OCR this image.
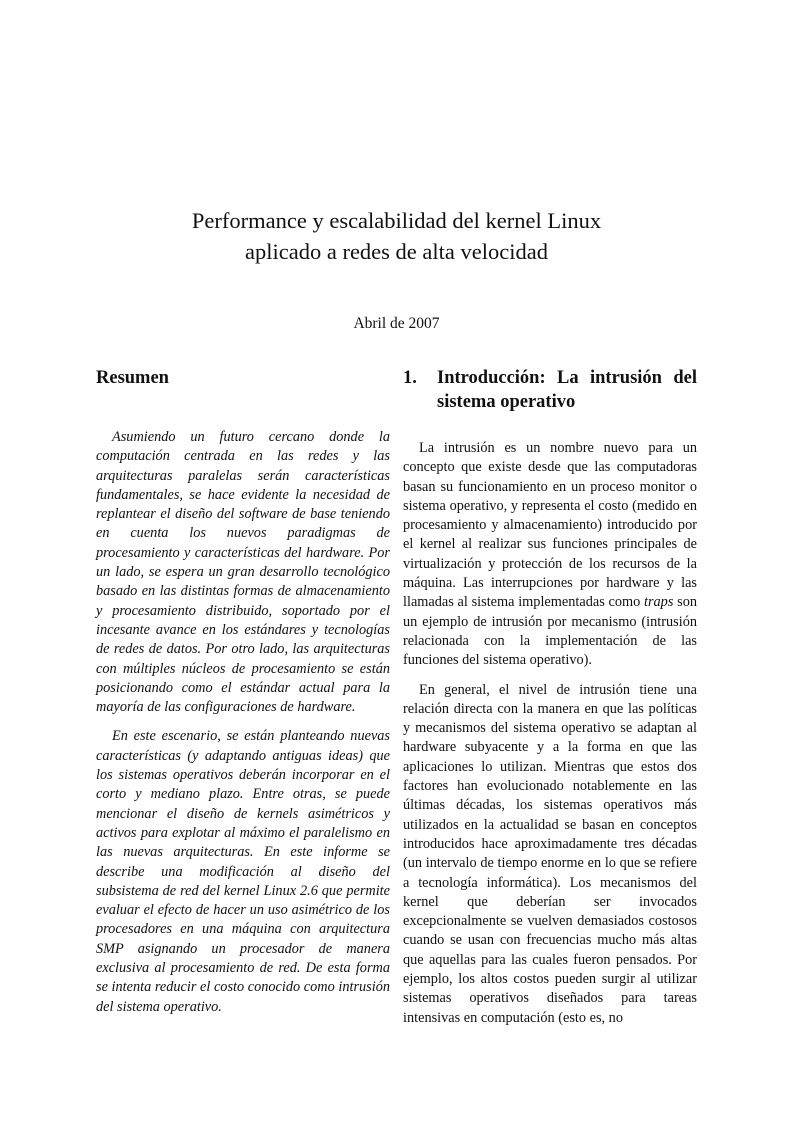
Performance y escalabilidad del kernel Linux
aplicado a redes de alta velocidad
Abril de 2007
Resumen

Asumiendo un futuro cercano donde la computación centrada en las redes y las arquitecturas paralelas serán características fundamentales, se hace evidente la necesidad de replantear el diseño del software de base teniendo en cuenta los nuevos paradigmas de procesamiento y características del hardware. Por un lado, se espera un gran desarrollo tecnológico basado en las distintas formas de almacenamiento y procesamiento distribuido, soportado por el incesante avance en los estándares y tecnologías de redes de datos. Por otro lado, las arquitecturas con múltiples núcleos de procesamiento se están posicionando como el estándar actual para la mayoría de las configuraciones de hardware.

En este escenario, se están planteando nuevas características (y adaptando antiguas ideas) que los sistemas operativos deberán incorporar en el corto y mediano plazo. Entre otras, se puede mencionar el diseño de kernels asimétricos y activos para explotar al máximo el paralelismo en las nuevas arquitecturas. En este informe se describe una modificación al diseño del subsistema de red del kernel Linux 2.6 que permite evaluar el efecto de hacer un uso asimétrico de los procesadores en una máquina con arquitectura SMP asignando un procesador de manera exclusiva al procesamiento de red. De esta forma se intenta reducir el costo conocido como intrusión del sistema operativo.

1.	Introducción: La intrusión del sistema operativo

La intrusión es un nombre nuevo para un concepto que existe desde que las computadoras basan su funcionamiento en un proceso monitor o sistema operativo, y representa el costo (medido en procesamiento y almacenamiento) introducido por el kernel al realizar sus funciones principales de virtualización y protección de los recursos de la máquina. Las interrupciones por hardware y las llamadas al sistema implementadas como traps son un ejemplo de intrusión por mecanismo (intrusión relacionada con la implementación de las funciones del sistema operativo).

En general, el nivel de intrusión tiene una relación directa con la manera en que las políticas y mecanismos del sistema operativo se adaptan al hardware subyacente y a la forma en que las aplicaciones lo utilizan. Mientras que estos dos factores han evolucionado notablemente en las últimas décadas, los sistemas operativos más utilizados en la actualidad se basan en conceptos introducidos hace aproximadamente tres décadas (un intervalo de tiempo enorme en lo que se refiere a tecnología informática). Los mecanismos del kernel que deberían ser invocados excepcionalmente se vuelven demasiados costosos cuando se usan con frecuencias mucho más altas que aquellas para las cuales fueron pensados. Por ejemplo, los altos costos pueden surgir al utilizar sistemas operativos diseñados para tareas intensivas en computación (esto es, no
